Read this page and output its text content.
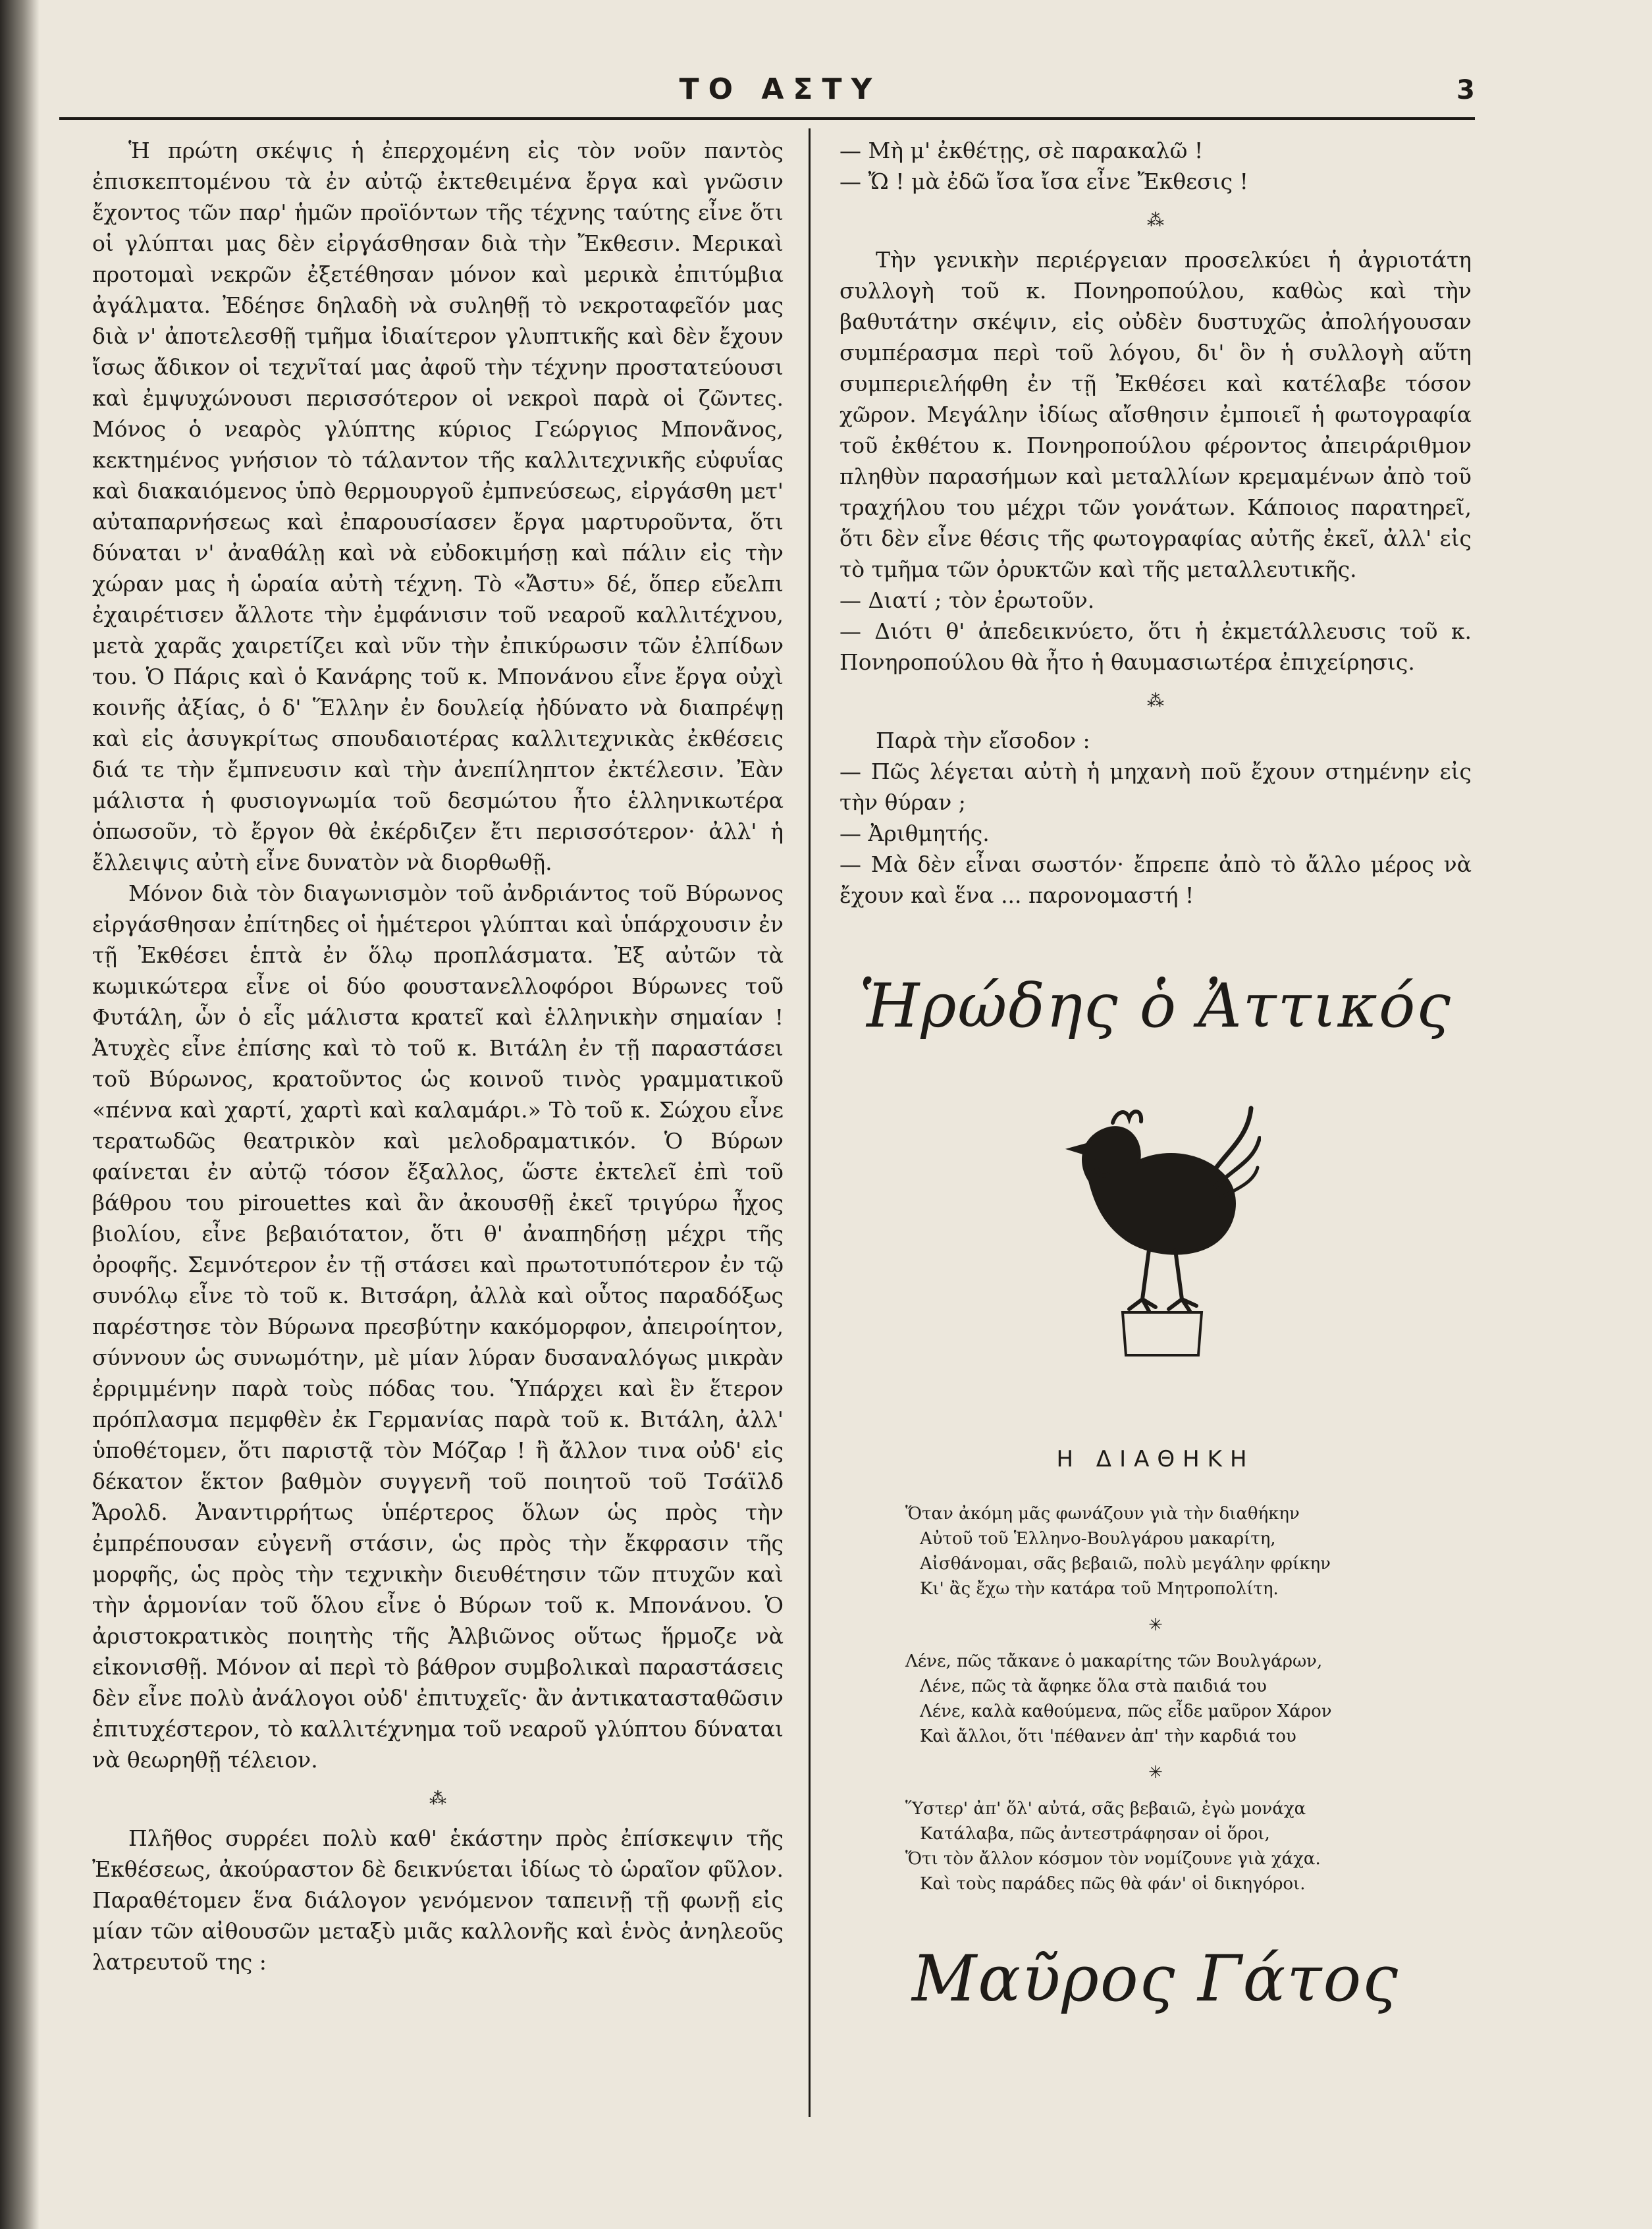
ΤΟ ΑΣΤΥ	3

Ἡ πρώτη σκέψις ἡ ἐπερχομένη εἰς τὸν νοῦν παντὸς ἐπισκεπτομένου τὰ ἐν αὐτῷ ἐκτεθειμένα ἔργα καὶ γνῶσιν ἔχοντος τῶν παρ' ἡμῶν προϊόντων τῆς τέχνης ταύτης εἶνε ὅτι οἱ γλύπται μας δὲν εἰργάσθησαν διὰ τὴν Ἔκθεσιν. Μερικαὶ προτομαὶ νεκρῶν ἐξετέθησαν μόνον καὶ μερικὰ ἐπιτύμβια ἀγάλματα. Ἐδέησε δηλαδὴ νὰ συληθῇ τὸ νεκροταφεῖόν μας διὰ ν' ἀποτελεσθῇ τμῆμα ἰδιαίτερον γλυπτικῆς καὶ δὲν ἔχουν ἴσως ἄδικον οἱ τεχνῖταί μας ἀφοῦ τὴν τέχνην προστατεύουσι καὶ ἐμψυχώνουσι περισσότερον οἱ νεκροὶ παρὰ οἱ ζῶντες. Μόνος ὁ νεαρὸς γλύπτης κύριος Γεώργιος Μπονᾶνος, κεκτημένος γνήσιον τὸ τάλαντον τῆς καλλιτεχνικῆς εὐφυΐας καὶ διακαιόμενος ὑπὸ θερμουργοῦ ἐμπνεύσεως, εἰργάσθη μετ' αὐταπαρνήσεως καὶ ἐπαρουσίασεν ἔργα μαρτυροῦντα, ὅτι δύναται ν' ἀναθάλῃ καὶ νὰ εὐδοκιμήσῃ καὶ πάλιν εἰς τὴν χώραν μας ἡ ὡραία αὐτὴ τέχνη. Τὸ «Ἄστυ» δέ, ὅπερ εὔελπι ἐχαιρέτισεν ἄλλοτε τὴν ἐμφάνισιν τοῦ νεαροῦ καλλιτέχνου, μετὰ χαρᾶς χαιρετίζει καὶ νῦν τὴν ἐπικύρωσιν τῶν ἐλπίδων του. Ὁ Πάρις καὶ ὁ Κανάρης τοῦ κ. Μπονάνου εἶνε ἔργα οὐχὶ κοινῆς ἀξίας, ὁ δ' Ἕλλην ἐν δουλείᾳ ἠδύνατο νὰ διαπρέψῃ καὶ εἰς ἀσυγκρίτως σπουδαιοτέρας καλλιτεχνικὰς ἐκθέσεις διά τε τὴν ἔμπνευσιν καὶ τὴν ἀνεπίληπτον ἐκτέλεσιν. Ἐὰν μάλιστα ἡ φυσιογνωμία τοῦ δεσμώτου ἦτο ἑλληνικωτέρα ὁπωσοῦν, τὸ ἔργον θὰ ἐκέρδιζεν ἔτι περισσότερον· ἀλλ' ἡ ἔλλειψις αὐτὴ εἶνε δυνατὸν νὰ διορθωθῇ.

Μόνον διὰ τὸν διαγωνισμὸν τοῦ ἀνδριάντος τοῦ Βύρωνος εἰργάσθησαν ἐπίτηδες οἱ ἡμέτεροι γλύπται καὶ ὑπάρχουσιν ἐν τῇ Ἐκθέσει ἑπτὰ ἐν ὅλῳ προπλάσματα. Ἐξ αὐτῶν τὰ κωμικώτερα εἶνε οἱ δύο φουστανελλοφόροι Βύρωνες τοῦ Φυτάλη, ὧν ὁ εἷς μάλιστα κρατεῖ καὶ ἑλληνικὴν σημαίαν ! Ἀτυχὲς εἶνε ἐπίσης καὶ τὸ τοῦ κ. Βιτάλη ἐν τῇ παραστάσει τοῦ Βύρωνος, κρατοῦντος ὡς κοινοῦ τινὸς γραμματικοῦ «πέννα καὶ χαρτί, χαρτὶ καὶ καλαμάρι.» Τὸ τοῦ κ. Σώχου εἶνε τερατωδῶς θεατρικὸν καὶ μελοδραματικόν. Ὁ Βύρων φαίνεται ἐν αὐτῷ τόσον ἔξαλλος, ὥστε ἐκτελεῖ ἐπὶ τοῦ βάθρου του pirouettes καὶ ἂν ἀκουσθῇ ἐκεῖ τριγύρω ἦχος βιολίου, εἶνε βεβαιότατον, ὅτι θ' ἀναπηδήσῃ μέχρι τῆς ὀροφῆς. Σεμνότερον ἐν τῇ στάσει καὶ πρωτοτυπότερον ἐν τῷ συνόλῳ εἶνε τὸ τοῦ κ. Βιτσάρη, ἀλλὰ καὶ οὗτος παραδόξως παρέστησε τὸν Βύρωνα πρεσβύτην κακόμορφον, ἀπειροίητον, σύννουν ὡς συνωμότην, μὲ μίαν λύραν δυσαναλόγως μικρὰν ἐρριμμένην παρὰ τοὺς πόδας του. Ὑπάρχει καὶ ἓν ἕτερον πρόπλασμα πεμφθὲν ἐκ Γερμανίας παρὰ τοῦ κ. Βιτάλη, ἀλλ' ὑποθέτομεν, ὅτι παριστᾷ τὸν Μόζαρ ! ἢ ἄλλον τινα οὐδ' εἰς δέκατον ἕκτον βαθμὸν συγγενῆ τοῦ ποιητοῦ τοῦ Τσάϊλδ Ἄρολδ. Ἀναντιρρήτως ὑπέρτερος ὅλων ὡς πρὸς τὴν ἐμπρέπουσαν εὐγενῆ στάσιν, ὡς πρὸς τὴν ἔκφρασιν τῆς μορφῆς, ὡς πρὸς τὴν τεχνικὴν διευθέτησιν τῶν πτυχῶν καὶ τὴν ἁρμονίαν τοῦ ὅλου εἶνε ὁ Βύρων τοῦ κ. Μπονάνου. Ὁ ἀριστοκρατικὸς ποιητὴς τῆς Ἀλβιῶνος οὕτως ἥρμοζε νὰ εἰκονισθῇ. Μόνον αἱ περὶ τὸ βάθρον συμβολικαὶ παραστάσεις δὲν εἶνε πολὺ ἀνάλογοι οὐδ' ἐπιτυχεῖς· ἂν ἀντικατασταθῶσιν ἐπιτυχέστερον, τὸ καλλιτέχνημα τοῦ νεαροῦ γλύπτου δύναται νὰ θεωρηθῇ τέλειον.

⁂

Πλῆθος συρρέει πολὺ καθ' ἑκάστην πρὸς ἐπίσκεψιν τῆς Ἐκθέσεως, ἀκούραστον δὲ δεικνύεται ἰδίως τὸ ὡραῖον φῦλον. Παραθέτομεν ἕνα διάλογον γενόμενον ταπεινῇ τῇ φωνῇ εἰς μίαν τῶν αἰθουσῶν μεταξὺ μιᾶς καλλονῆς καὶ ἑνὸς ἀνηλεοῦς λατρευτοῦ της :

— Μὴ μ' ἐκθέτῃς, σὲ παρακαλῶ !

— Ὤ ! μὰ ἐδῶ ἴσα ἴσα εἶνε Ἔκθεσις !

⁂

Τὴν γενικὴν περιέργειαν προσελκύει ἡ ἀγριοτάτη συλλογὴ τοῦ κ. Πονηροπούλου, καθὼς καὶ τὴν βαθυτάτην σκέψιν, εἰς οὐδὲν δυστυχῶς ἀπολήγουσαν συμπέρασμα περὶ τοῦ λόγου, δι' ὃν ἡ συλλογὴ αὕτη συμπεριελήφθη ἐν τῇ Ἐκθέσει καὶ κατέλαβε τόσον χῶρον. Μεγάλην ἰδίως αἴσθησιν ἐμποιεῖ ἡ φωτογραφία τοῦ ἐκθέτου κ. Πονηροπούλου φέροντος ἀπειράριθμον πληθὺν παρασήμων καὶ μεταλλίων κρεμαμένων ἀπὸ τοῦ τραχήλου του μέχρι τῶν γονάτων. Κάποιος παρατηρεῖ, ὅτι δὲν εἶνε θέσις τῆς φωτογραφίας αὐτῆς ἐκεῖ, ἀλλ' εἰς τὸ τμῆμα τῶν ὀρυκτῶν καὶ τῆς μεταλλευτικῆς.

— Διατί ; τὸν ἐρωτοῦν.

— Διότι θ' ἀπεδεικνύετο, ὅτι ἡ ἐκμετάλλευσις τοῦ κ. Πονηροπούλου θὰ ἦτο ἡ θαυμασιωτέρα ἐπιχείρησις.

⁂

Παρὰ τὴν εἴσοδον :

— Πῶς λέγεται αὐτὴ ἡ μηχανὴ ποῦ ἔχουν στημένην εἰς τὴν θύραν ;

— Ἀριθμητής.

— Μὰ δὲν εἶναι σωστόν· ἔπρεπε ἀπὸ τὸ ἄλλο μέρος νὰ ἔχουν καὶ ἕνα ... παρονομαστή !

Ἡρώδης ὁ Ἀττικός
Η ΔΙΑΘΗΚΗ
Ὅταν ἀκόμη μᾶς φωνάζουν γιὰ τὴν διαθήκην
Αὐτοῦ τοῦ Ἑλληνο-Βουλγάρου μακαρίτη,
Αἰσθάνομαι, σᾶς βεβαιῶ, πολὺ μεγάλην φρίκην
Κι' ἂς ἔχω τὴν κατάρα τοῦ Μητροπολίτη.
✳
Λένε, πῶς τἄκανε ὁ μακαρίτης τῶν Βουλγάρων,
Λένε, πῶς τὰ ἄφηκε ὅλα στὰ παιδιά του
Λένε, καλὰ καθούμενα, πῶς εἶδε μαῦρον Χάρον
Καὶ ἄλλοι, ὅτι 'πέθανεν ἀπ' τὴν καρδιά του
✳
Ὕστερ' ἀπ' ὅλ' αὐτά, σᾶς βεβαιῶ, ἐγὼ μονάχα
Κατάλαβα, πῶς ἀντεστράφησαν οἱ ὅροι,
Ὅτι τὸν ἄλλον κόσμον τὸν νομίζουνε γιὰ χάχα.
Καὶ τοὺς παράδες πῶς θὰ φάν' οἱ δικηγόροι.
Μαῦρος Γάτος
